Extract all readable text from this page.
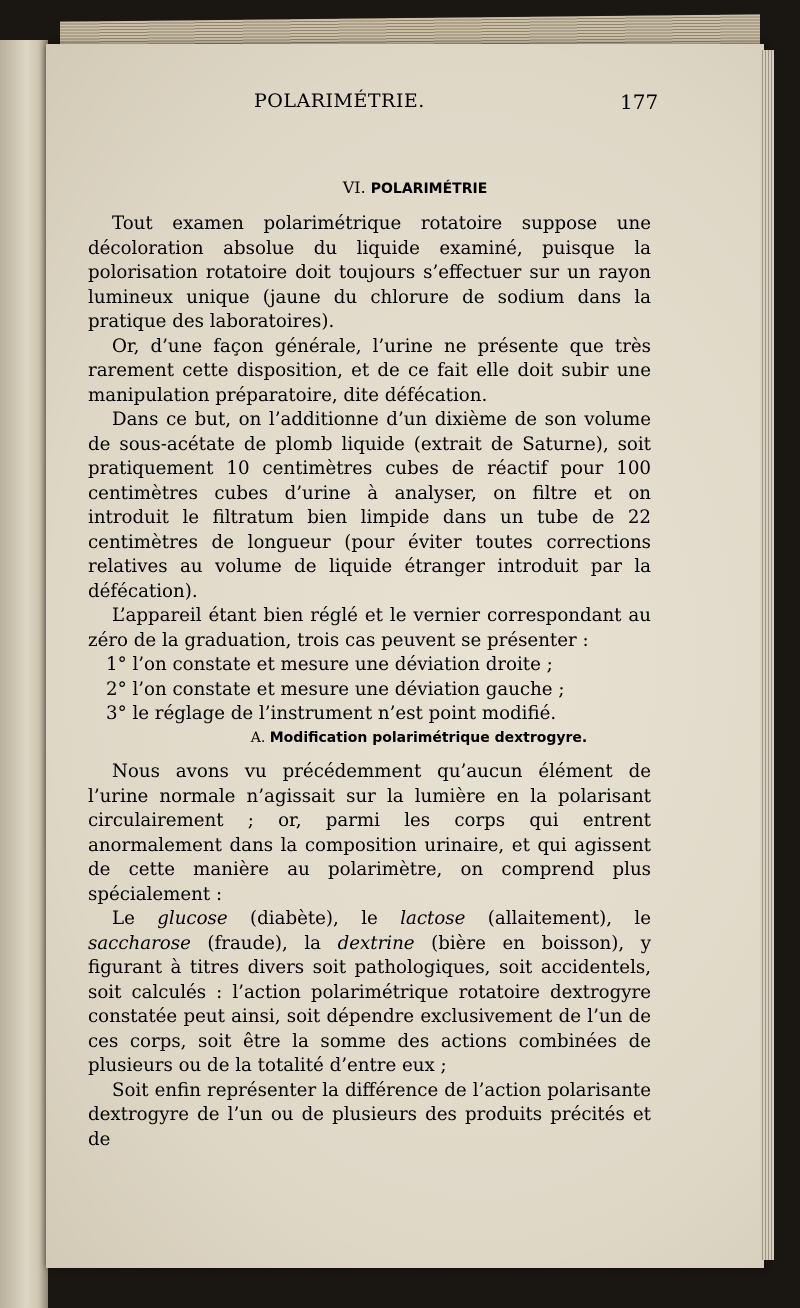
POLARIMÉTRIE.	177
VI. POLARIMÉTRIE

Tout examen polarimétrique rotatoire suppose une décoloration absolue du liquide examiné, puisque la polorisation rotatoire doit toujours s’effectuer sur un rayon lumineux unique (jaune du chlorure de sodium dans la pratique des laboratoires).

Or, d’une façon générale, l’urine ne présente que très rarement cette disposition, et de ce fait elle doit subir une manipulation préparatoire, dite défécation.

Dans ce but, on l’additionne d’un dixième de son volume de sous-acétate de plomb liquide (extrait de Saturne), soit pratiquement 10 centimètres cubes de réactif pour 100 centimètres cubes d’urine à analyser, on filtre et on introduit le filtratum bien limpide dans un tube de 22 centimètres de longueur (pour éviter toutes corrections relatives au volume de liquide étranger introduit par la défécation).

L’appareil étant bien réglé et le vernier correspondant au zéro de la graduation, trois cas peuvent se présenter :

1° l’on constate et mesure une déviation droite ;

2° l’on constate et mesure une déviation gauche ;

3° le réglage de l’instrument n’est point modifié.

A. Modification polarimétrique dextrogyre.

Nous avons vu précédemment qu’aucun élément de l’urine normale n’agissait sur la lumière en la polarisant circulairement ; or, parmi les corps qui entrent anormalement dans la composition urinaire, et qui agissent de cette manière au polarimètre, on comprend plus spécialement :

Le glucose (diabète), le lactose (allaitement), le saccharose (fraude), la dextrine (bière en boisson), y figurant à titres divers soit pathologiques, soit accidentels, soit calculés : l’action polarimétrique rotatoire dextrogyre constatée peut ainsi, soit dépendre exclusivement de l’un de ces corps, soit être la somme des actions combinées de plusieurs ou de la totalité d’entre eux ;

Soit enfin représenter la différence de l’action polarisante dextrogyre de l’un ou de plusieurs des produits précités et de
